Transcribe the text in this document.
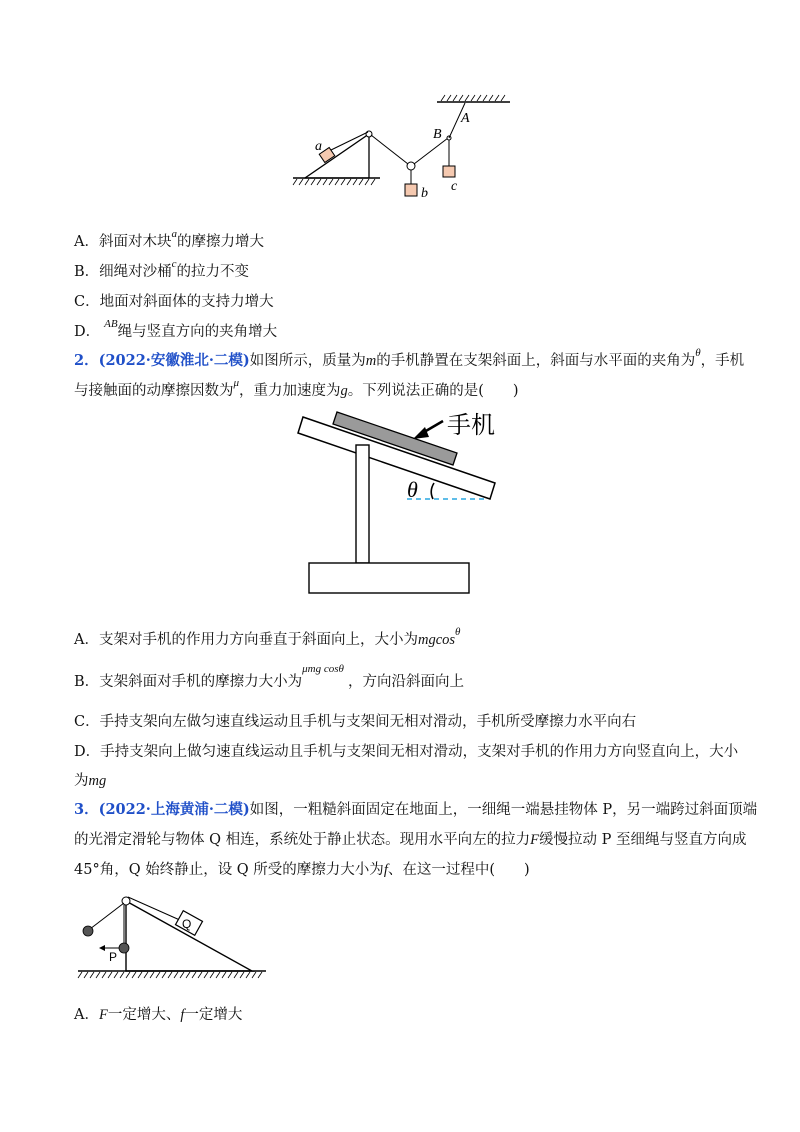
a
b c
A
B
A．斜面对木块$^a$的摩擦力增大
B．细绳对沙桶$^c$的拉力不变
C．地面对斜面体的支持力增大
D． $^{AB}$绳与竖直方向的夹角增大
2．(2022·安徽淮北·二模)如图所示，质量为m的手机静置在支架斜面上，斜面与水平面的夹角为$^\theta$，手机
与接触面的动摩擦因数为$^\mu$，重力加速度为g。下列说法正确的是(　　)
手机
θ
A．支架对手机的作用力方向垂直于斜面向上，大小为mgcos$^\theta$
B．支架斜面对手机的摩擦力大小为$^{\mu mg cos\theta}$，方向沿斜面向上
C．手持支架向左做匀速直线运动且手机与支架间无相对滑动，手机所受摩擦力水平向右
D．手持支架向上做匀速直线运动且手机与支架间无相对滑动，支架对手机的作用力方向竖直向上，大小
为mg
3．(2022·上海黄浦·二模)如图，一粗糙斜面固定在地面上，一细绳一端悬挂物体 P，另一端跨过斜面顶端
的光滑定滑轮与物体 Q 相连，系统处于静止状态。现用水平向左的拉力F缓慢拉动 P 至细绳与竖直方向成
45°角，Q 始终静止，设 Q 所受的摩擦力大小为f、在这一过程中(　　)
Q
P
A．F一定增大、f一定增大
